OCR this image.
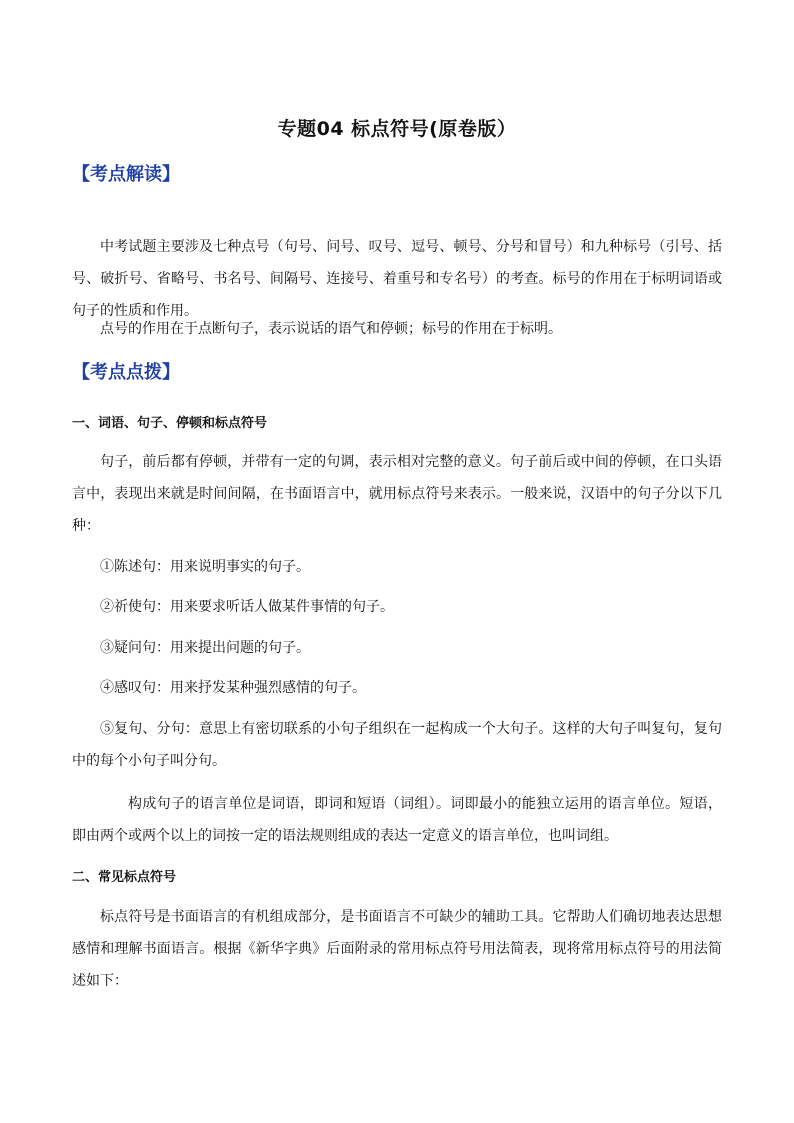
专题04 标点符号(原卷版）
【考点解读】
中考试题主要涉及七种点号（句号、问号、叹号、逗号、顿号、分号和冒号）和九种标号（引号、括号、破折号、省略号、书名号、间隔号、连接号、着重号和专名号）的考查。标号的作用在于标明词语或句子的性质和作用。
点号的作用在于点断句子，表示说话的语气和停顿；标号的作用在于标明。
【考点点拨】
一、词语、句子、停顿和标点符号
句子，前后都有停顿，并带有一定的句调，表示相对完整的意义。句子前后或中间的停顿，在口头语言中，表现出来就是时间间隔，在书面语言中，就用标点符号来表示。一般来说，汉语中的句子分以下几种：
①陈述句：用来说明事实的句子。
②祈使句：用来要求听话人做某件事情的句子。
③疑问句：用来提出问题的句子。
④感叹句：用来抒发某种强烈感情的句子。
⑤复句、分句：意思上有密切联系的小句子组织在一起构成一个大句子。这样的大句子叫复句，复句中的每个小句子叫分句。
构成句子的语言单位是词语，即词和短语（词组）。词即最小的能独立运用的语言单位。短语，即由两个或两个以上的词按一定的语法规则组成的表达一定意义的语言单位，也叫词组。
二、常见标点符号
标点符号是书面语言的有机组成部分，是书面语言不可缺少的辅助工具。它帮助人们确切地表达思想感情和理解书面语言。根据《新华字典》后面附录的常用标点符号用法简表，现将常用标点符号的用法简述如下：
